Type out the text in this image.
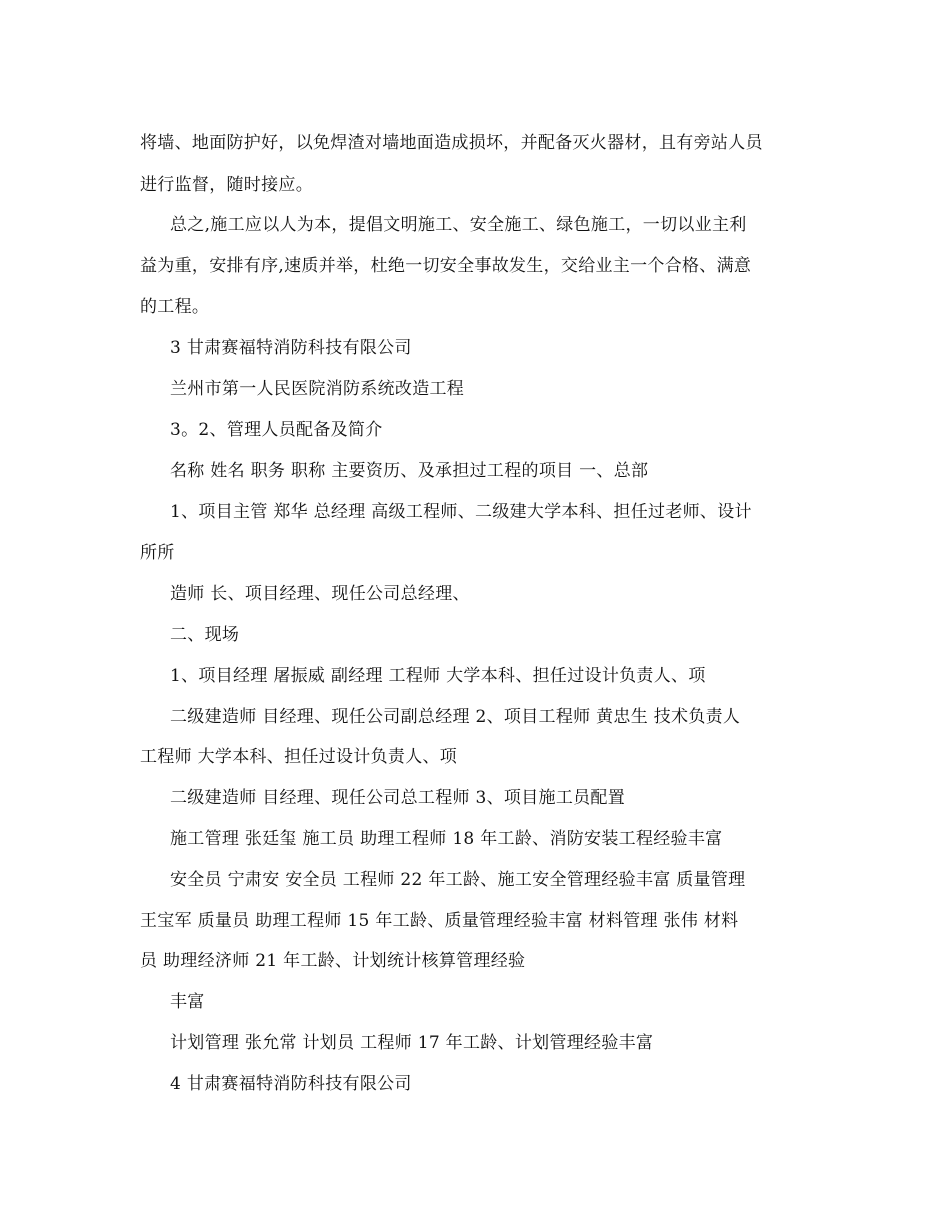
将墙、地面防护好，以免焊渣对墙地面造成损坏，并配备灭火器材，且有旁站人员
进行监督，随时接应。
总之,施工应以人为本，提倡文明施工、安全施工、绿色施工，一切以业主利
益为重，安排有序,速质并举，杜绝一切安全事故发生，交给业主一个合格、满意
的工程。
3 甘肃赛福特消防科技有限公司
兰州市第一人民医院消防系统改造工程
3。2、管理人员配备及简介
名称 姓名 职务 职称 主要资历、及承担过工程的项目 一、总部
1、项目主管 郑华 总经理 高级工程师、二级建大学本科、担任过老师、设计
所所
造师 长、项目经理、现任公司总经理、
二、现场
1、项目经理 屠振威 副经理 工程师 大学本科、担任过设计负责人、项
二级建造师 目经理、现任公司副总经理 2、项目工程师 黄忠生 技术负责人
工程师 大学本科、担任过设计负责人、项
二级建造师 目经理、现任公司总工程师 3、项目施工员配置
施工管理 张廷玺 施工员 助理工程师 18 年工龄、消防安装工程经验丰富
安全员 宁肃安 安全员 工程师 22 年工龄、施工安全管理经验丰富 质量管理
王宝军 质量员 助理工程师 15 年工龄、质量管理经验丰富 材料管理 张伟 材料
员 助理经济师 21 年工龄、计划统计核算管理经验
丰富
计划管理 张允常 计划员 工程师 17 年工龄、计划管理经验丰富
4 甘肃赛福特消防科技有限公司
